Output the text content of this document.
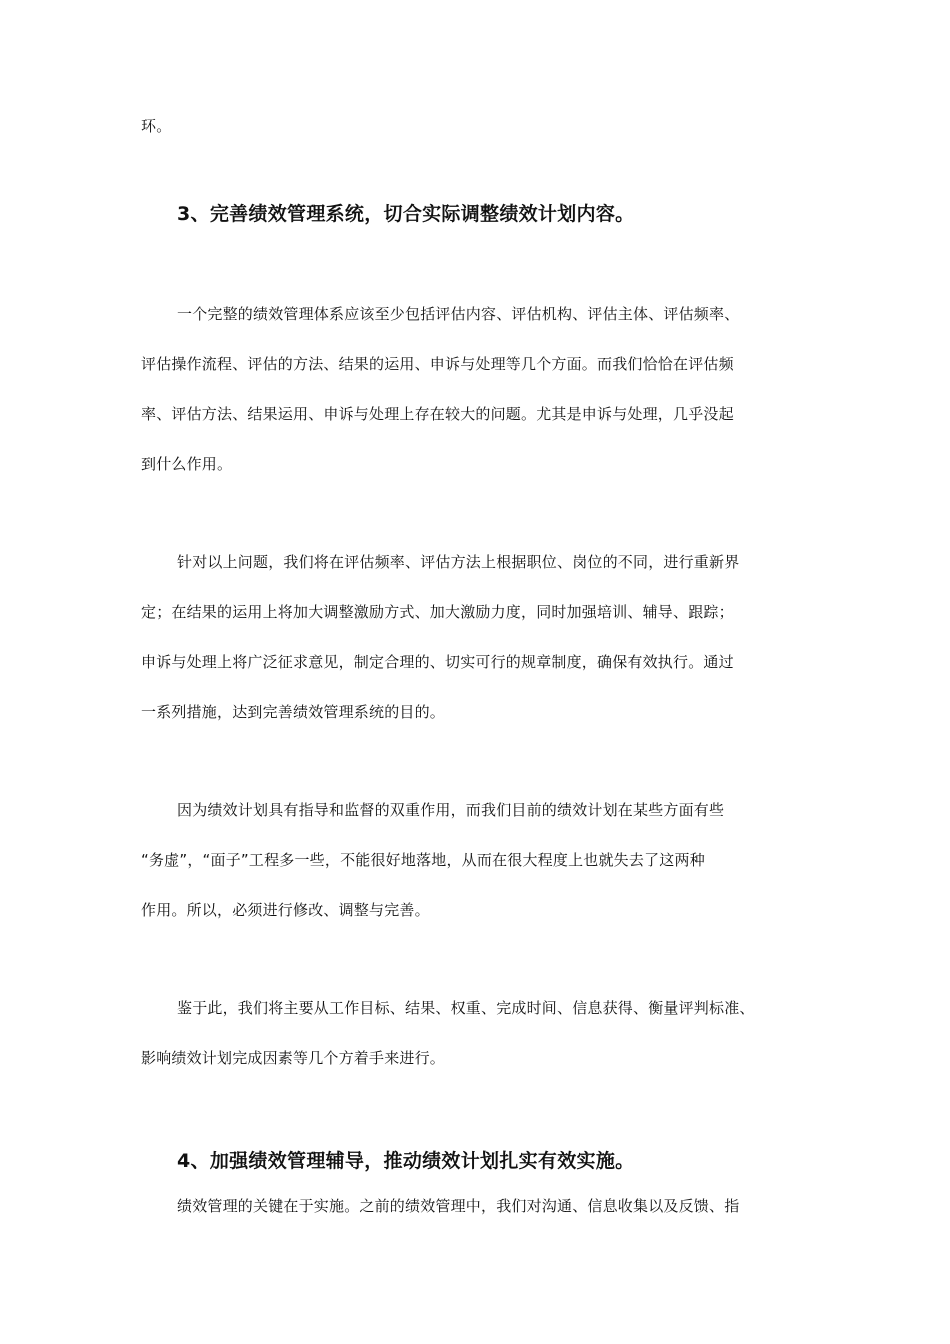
环。
3、完善绩效管理系统，切合实际调整绩效计划内容。
一个完整的绩效管理体系应该至少包括评估内容、评估机构、评估主体、评估频率、
评估操作流程、评估的方法、结果的运用、申诉与处理等几个方面。而我们恰恰在评估频
率、评估方法、结果运用、申诉与处理上存在较大的问题。尤其是申诉与处理，几乎没起
到什么作用。
针对以上问题，我们将在评估频率、评估方法上根据职位、岗位的不同，进行重新界
定；在结果的运用上将加大调整激励方式、加大激励力度，同时加强培训、辅导、跟踪；
申诉与处理上将广泛征求意见，制定合理的、切实可行的规章制度，确保有效执行。通过
一系列措施，达到完善绩效管理系统的目的。
因为绩效计划具有指导和监督的双重作用，而我们目前的绩效计划在某些方面有些
“务虚”，“面子”工程多一些，不能很好地落地，从而在很大程度上也就失去了这两种
作用。所以，必须进行修改、调整与完善。
鉴于此，我们将主要从工作目标、结果、权重、完成时间、信息获得、衡量评判标准、
影响绩效计划完成因素等几个方着手来进行。
4、加强绩效管理辅导，推动绩效计划扎实有效实施。
绩效管理的关键在于实施。之前的绩效管理中，我们对沟通、信息收集以及反馈、指
